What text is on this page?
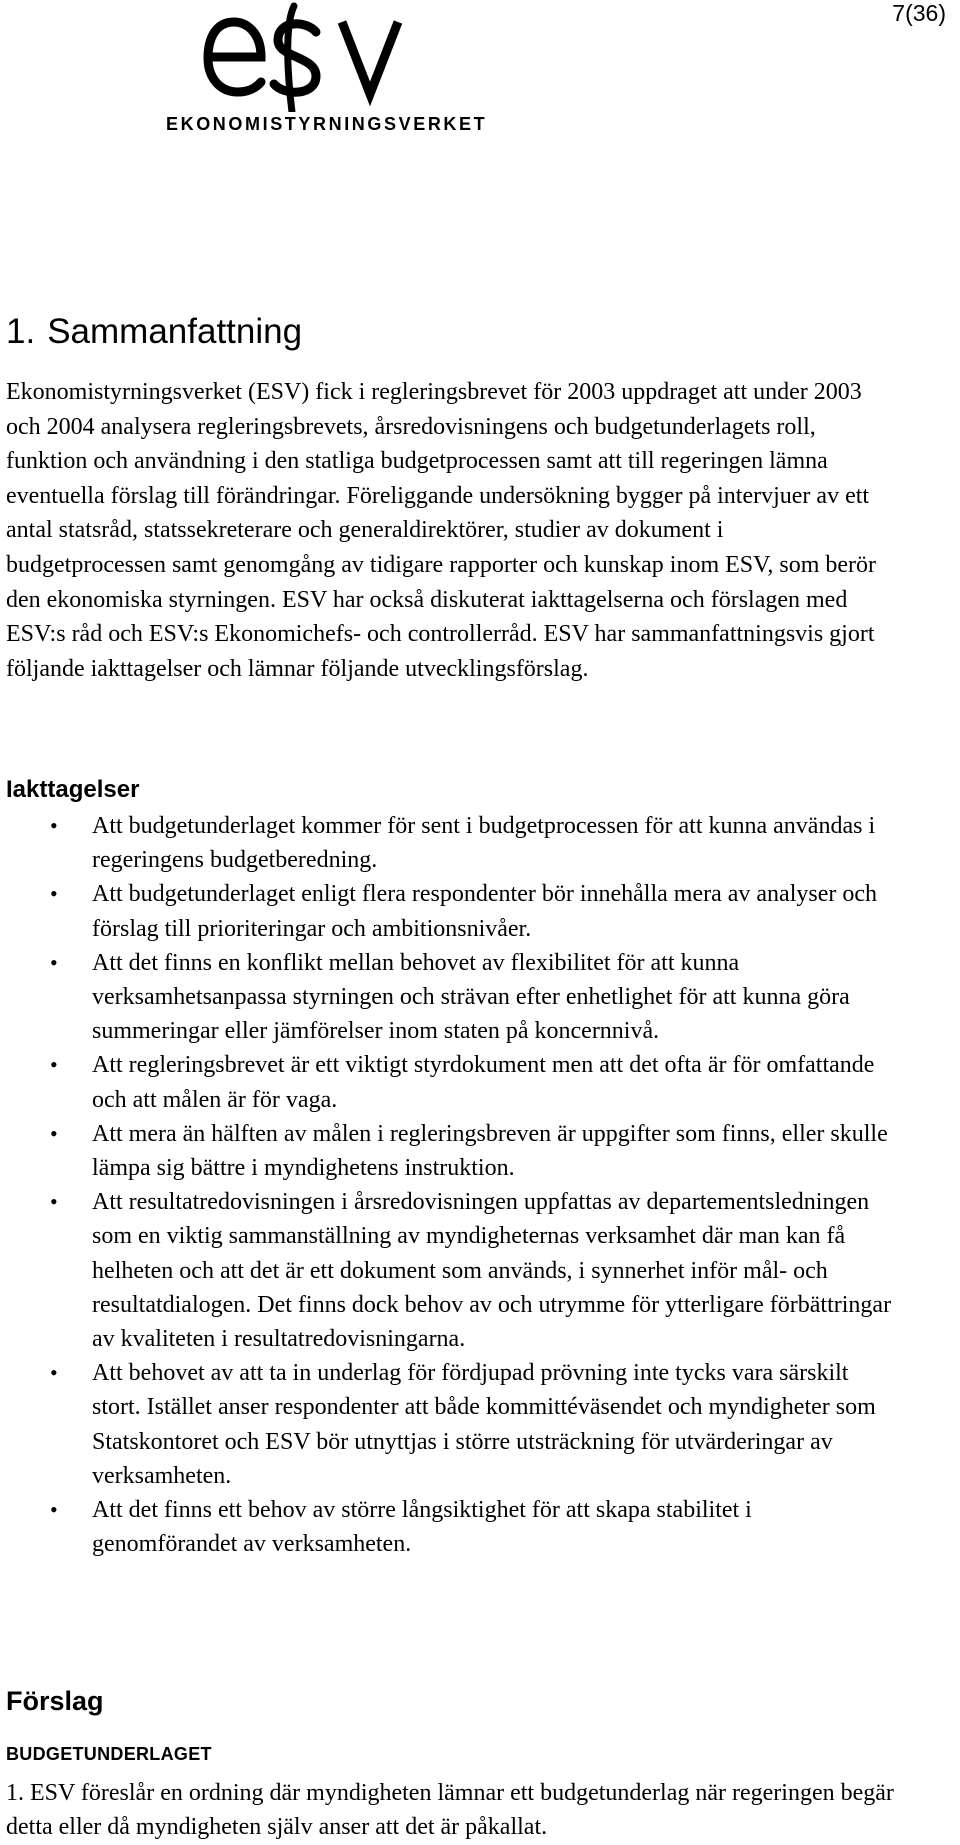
7(36)
EKONOMISTYRNINGSVERKET
1. Sammanfattning

Ekonomistyrningsverket (ESV) fick i regleringsbrevet för 2003 uppdraget att under 2003 och 2004 analysera regleringsbrevets, årsredovisningens och budgetunderlagets roll, funktion och användning i den statliga budgetprocessen samt att till regeringen lämna eventuella förslag till förändringar. Föreliggande undersökning bygger på intervjuer av ett antal statsråd, statssekreterare och generaldirektörer, studier av dokument i budgetprocessen samt genomgång av tidigare rapporter och kunskap inom ESV, som berör den ekonomiska styrningen. ESV har också diskuterat iakttagelserna och förslagen med ESV:s råd och ESV:s Ekonomichefs- och controllerråd. ESV har sammanfattningsvis gjort följande iakttagelser och lämnar följande utvecklingsförslag.

Iakttagelser
• Att budgetunderlaget kommer för sent i budgetprocessen för att kunna användas i regeringens budgetberedning.
• Att budgetunderlaget enligt flera respondenter bör innehålla mera av analyser och förslag till prioriteringar och ambitionsnivåer.
• Att det finns en konflikt mellan behovet av flexibilitet för att kunna verksamhetsanpassa styrningen och strävan efter enhetlighet för att kunna göra summeringar eller jämförelser inom staten på koncernnivå.
• Att regleringsbrevet är ett viktigt styrdokument men att det ofta är för omfattande och att målen är för vaga.
• Att mera än hälften av målen i regleringsbreven är uppgifter som finns, eller skulle lämpa sig bättre i myndighetens instruktion.
• Att resultatredovisningen i årsredovisningen uppfattas av departementsledningen som en viktig sammanställning av myndigheternas verksamhet där man kan få helheten och att det är ett dokument som används, i synnerhet inför mål- och resultatdialogen. Det finns dock behov av och utrymme för ytterligare förbättringar av kvaliteten i resultatredovisningarna.
• Att behovet av att ta in underlag för fördjupad prövning inte tycks vara särskilt stort. Istället anser respondenter att både kommittéväsendet och myndigheter som Statskontoret och ESV bör utnyttjas i större utsträckning för utvärderingar av verksamheten.
• Att det finns ett behov av större långsiktighet för att skapa stabilitet i genomförandet av verksamheten.
Förslag
BUDGETUNDERLAGET

1. ESV föreslår en ordning där myndigheten lämnar ett budgetunderlag när regeringen begär detta eller då myndigheten själv anser att det är påkallat.
